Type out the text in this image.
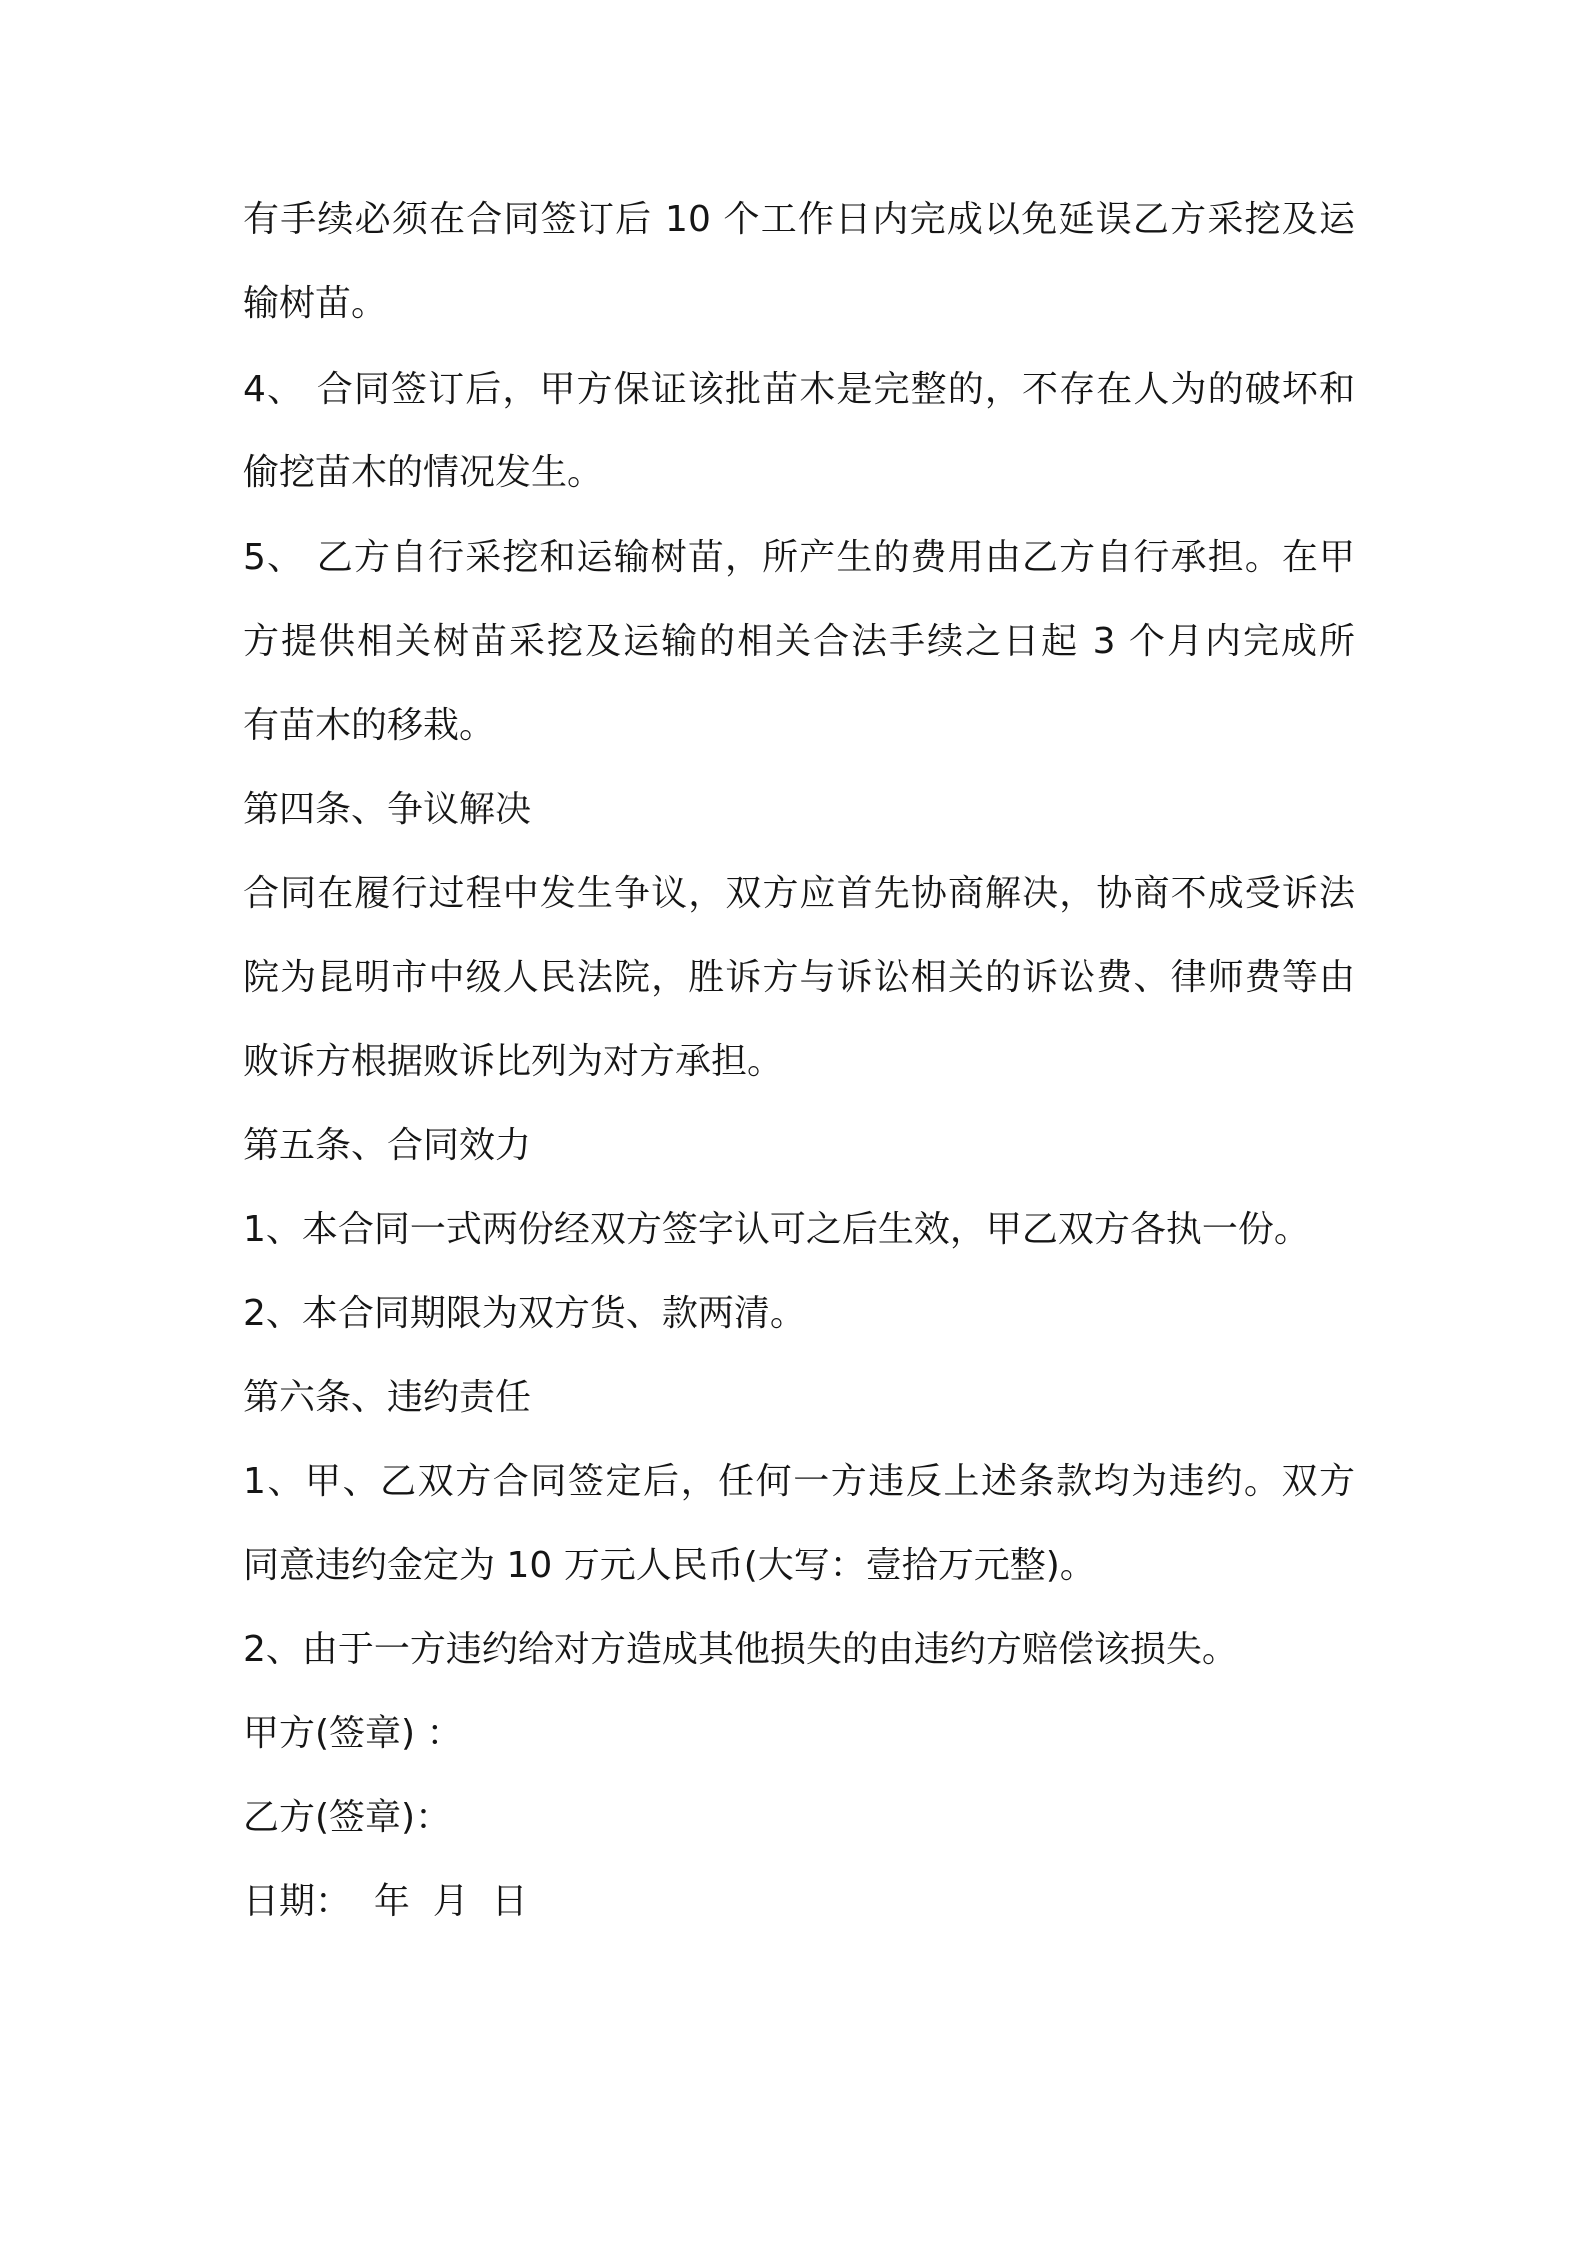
有手续必须在合同签订后 10 个工作日内完成以免延误乙方采挖及运
输树苗。
4、 合同签订后，甲方保证该批苗木是完整的，不存在人为的破坏和
偷挖苗木的情况发生。
5、 乙方自行采挖和运输树苗，所产生的费用由乙方自行承担。在甲
方提供相关树苗采挖及运输的相关合法手续之日起 3 个月内完成所
有苗木的移栽。
第四条、争议解决
合同在履行过程中发生争议，双方应首先协商解决，协商不成受诉法
院为昆明市中级人民法院，胜诉方与诉讼相关的诉讼费、律师费等由
败诉方根据败诉比列为对方承担。
第五条、合同效力
1、本合同一式两份经双方签字认可之后生效，甲乙双方各执一份。
2、本合同期限为双方货、款两清。
第六条、违约责任
1、甲、乙双方合同签定后，任何一方违反上述条款均为违约。双方
同意违约金定为 10 万元人民币(大写：壹拾万元整)。
2、由于一方违约给对方造成其他损失的由违约方赔偿该损失。
甲方(签章) ：
乙方(签章)：
日期：  年  月  日
